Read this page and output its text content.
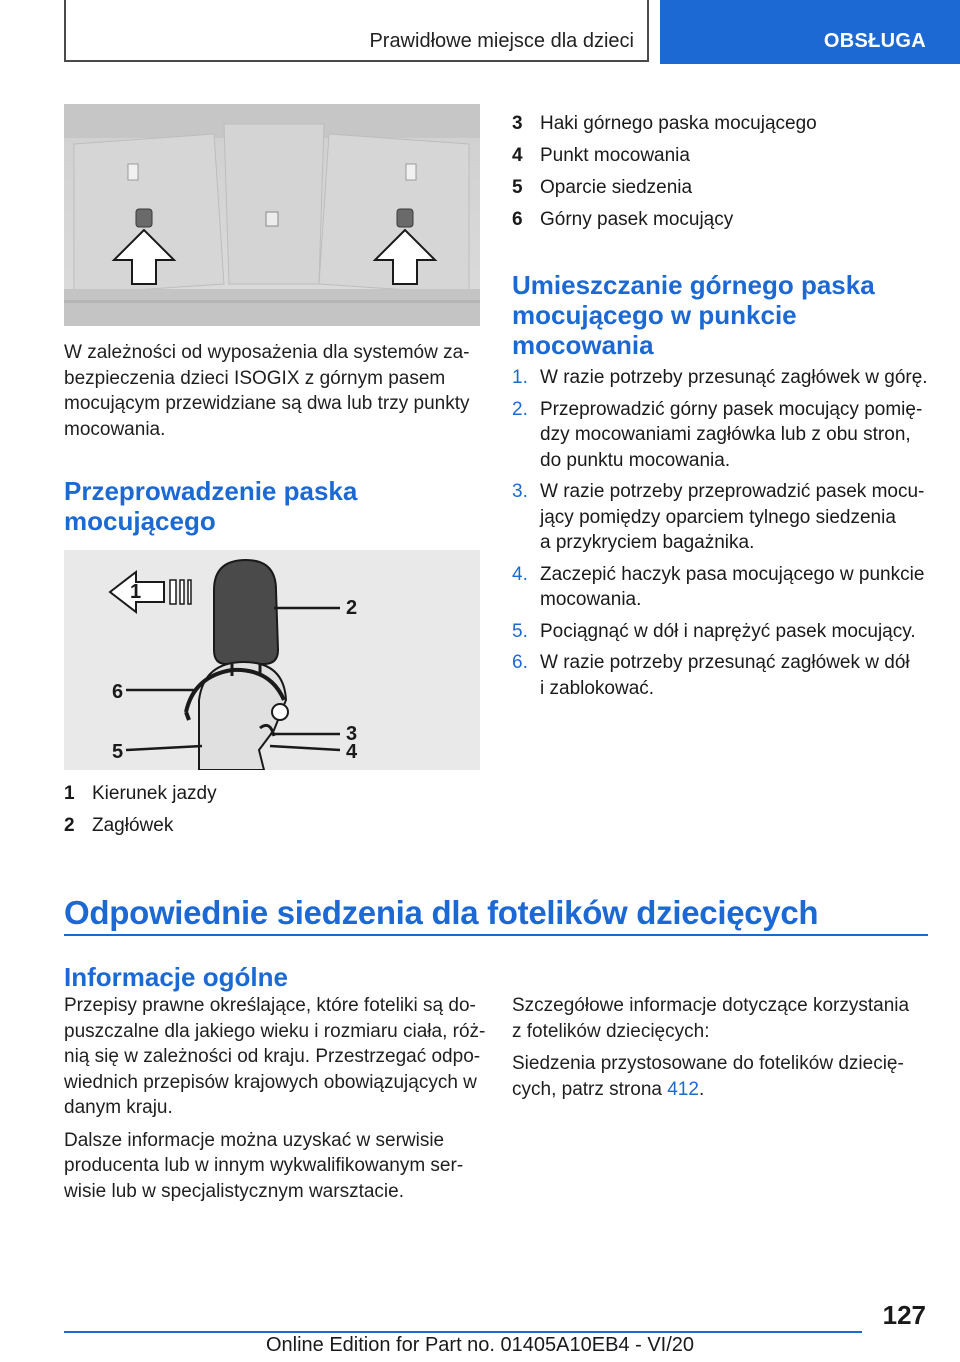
Prawidłowe miejsce dla dzieci	OBSŁUGA
W zależności od wyposażenia dla systemów za-
bezpieczenia dzieci ISOGIX z górnym pasem
mocującym przewidziane są dwa lub trzy punkty
mocowania.
Przeprowadzenie paska
mocującego
1
2
6
3
5	4
1 Kierunek jazdy
2 Zagłówek
3 Haki górnego paska mocującego
4 Punkt mocowania
5 Oparcie siedzenia
6 Górny pasek mocujący
Umieszczanie górnego paska
mocującego w punkcie
mocowania
1. W razie potrzeby przesunąć zagłówek w górę.
2. Przeprowadzić górny pasek mocujący pomię-
dzy mocowaniami zagłówka lub z obu stron,
do punktu mocowania.
3. W razie potrzeby przeprowadzić pasek mocu-
jący pomiędzy oparciem tylnego siedzenia
a przykryciem bagażnika.
4. Zaczepić haczyk pasa mocującego w punkcie
mocowania.
5. Pociągnąć w dół i naprężyć pasek mocujący.
6. W razie potrzeby przesunąć zagłówek w dół
i zablokować.
Odpowiednie siedzenia dla fotelików dziecięcych
Informacje ogólne
Przepisy prawne określające, które foteliki są do-
puszczalne dla jakiego wieku i rozmiaru ciała, róż-
nią się w zależności od kraju. Przestrzegać odpo-
wiednich przepisów krajowych obowiązujących w
danym kraju.
Dalsze informacje można uzyskać w serwisie
producenta lub w innym wykwalifikowanym ser-
wisie lub w specjalistycznym warsztacie.
Szczegółowe informacje dotyczące korzystania
z fotelików dziecięcych:
Siedzenia przystosowane do fotelików dziecię-
cych, patrz strona 412.
127
Online Edition for Part no. 01405A10EB4 - VI/20
